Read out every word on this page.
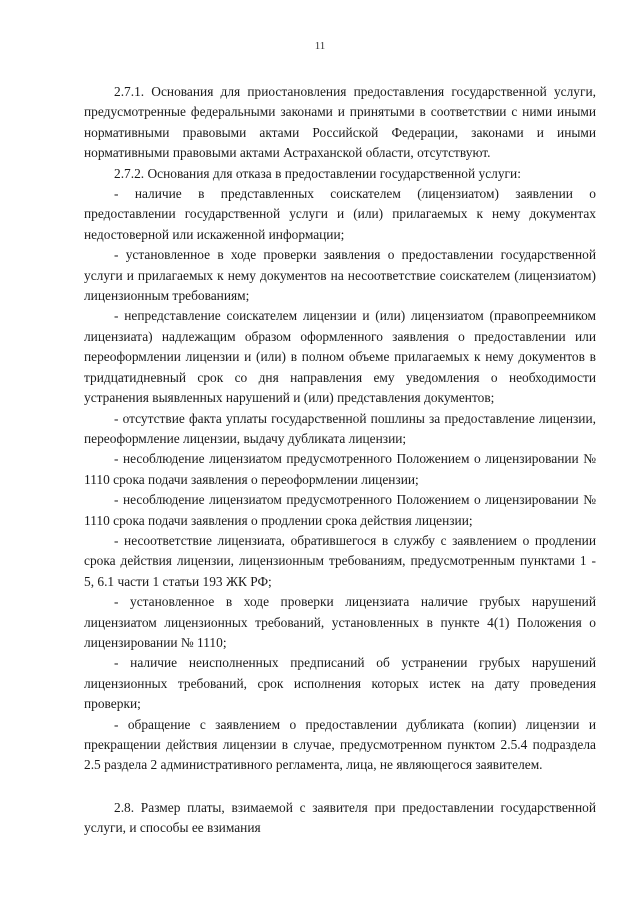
11

2.7.1. Основания для приостановления предоставления государственной услуги, предусмотренные федеральными законами и принятыми в соответствии с ними иными нормативными правовыми актами Российской Федерации, законами и иными нормативными правовыми актами Астраханской области, отсутствуют.

2.7.2. Основания для отказа в предоставлении государственной услуги:

- наличие в представленных соискателем (лицензиатом) заявлении о предоставлении государственной услуги и (или) прилагаемых к нему документах недостоверной или искаженной информации;

- установленное в ходе проверки заявления о предоставлении государственной услуги и прилагаемых к нему документов на несоответствие соискателем (лицензиатом) лицензионным требованиям;

- непредставление соискателем лицензии и (или) лицензиатом (правопреемником лицензиата) надлежащим образом оформленного заявления о предоставлении или переоформлении лицензии и (или) в полном объеме прилагаемых к нему документов в тридцатидневный срок со дня направления ему уведомления о необходимости устранения выявленных нарушений и (или) представления документов;

- отсутствие факта уплаты государственной пошлины за предоставление лицензии, переоформление лицензии, выдачу дубликата лицензии;

- несоблюдение лицензиатом предусмотренного Положением о лицензировании № 1110 срока подачи заявления о переоформлении лицензии;

- несоблюдение лицензиатом предусмотренного Положением о лицензировании № 1110 срока подачи заявления о продлении срока действия лицензии;

- несоответствие лицензиата, обратившегося в службу с заявлением о продлении срока действия лицензии, лицензионным требованиям, предусмотренным пунктами 1 - 5, 6.1 части 1 статьи 193 ЖК РФ;

- установленное в ходе проверки лицензиата наличие грубых нарушений лицензиатом лицензионных требований, установленных в пункте 4(1) Положения о лицензировании № 1110;

- наличие неисполненных предписаний об устранении грубых нарушений лицензионных требований, срок исполнения которых истек на дату проведения проверки;

- обращение с заявлением о предоставлении дубликата (копии) лицензии и прекращении действия лицензии в случае, предусмотренном пунктом 2.5.4 подраздела 2.5 раздела 2 административного регламента, лица, не являющегося заявителем.

2.8. Размер платы, взимаемой с заявителя при предоставлении государственной услуги, и способы ее взимания
